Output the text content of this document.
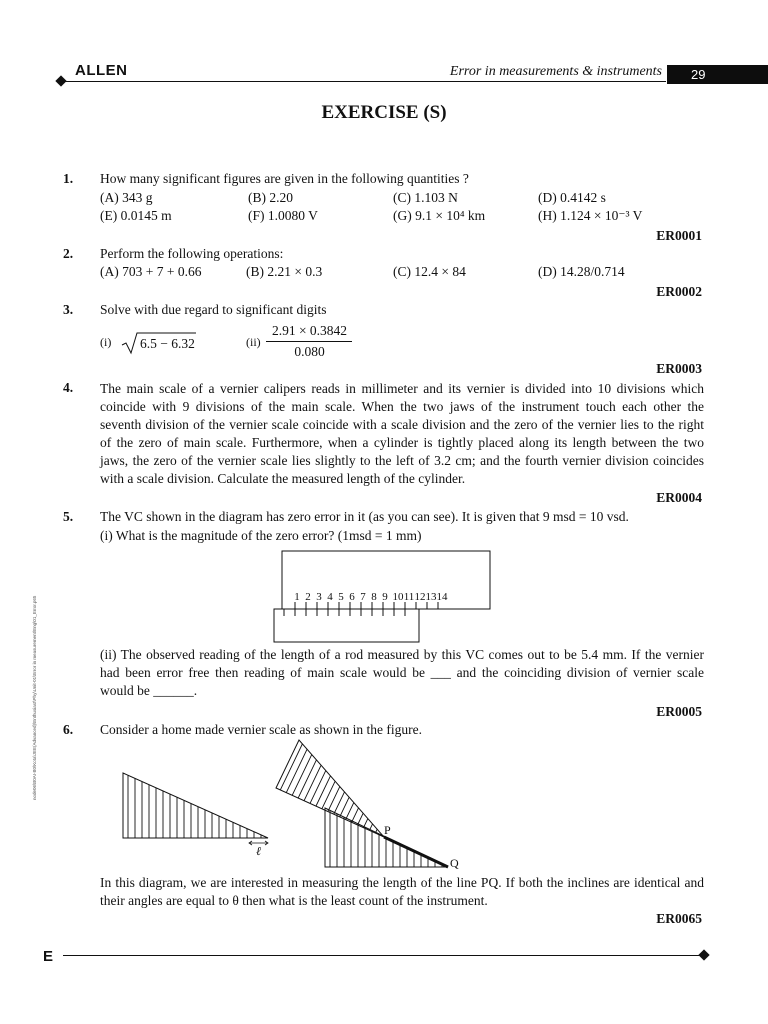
ALLEN	Error in measurements & instruments	29
EXERCISE (S)
1. How many significant figures are given in the following quantities ?
(A) 343 g	(B) 2.20	(C) 1.103 N	(D) 0.4142 s
(E) 0.0145 m	(F) 1.0080 V	(G) 9.1 × 10⁴ km	(H) 1.124 × 10⁻³ V
ER0001
2. Perform the following operations:
(A) 703 + 7 + 0.66	(B) 2.21 × 0.3	(C) 12.4 × 84	(D) 14.28/0.714
ER0002
3. Solve with due regard to significant digits
(i) 6.5 − 6.32	(ii)
2.91 × 0.3842
0.080
ER0003
4. The main scale of a vernier calipers reads in millimeter and its vernier is divided into 10 divisions which
coincide with 9 divisions of the main scale. When the two jaws of the instrument touch each other the
seventh division of the vernier scale coincide with a scale division and the zero of the vernier lies to the right
of the zero of main scale. Furthermore, when a cylinder is tightly placed along its length between the two
jaws, the zero of the vernier scale lies slightly to the left of 3.2 cm; and the fourth vernier division coincides
with a scale division. Calculate the measured length of the cylinder.
ER0004
5. The VC shown in the diagram has zero error in it (as you can see). It is given that 9 msd = 10 vsd.
(i) What is the magnitude of the zero error? (1msd = 1 mm)
1 2 3 4 5 6 7 8 9 10 11 12 13 14
(ii) The observed reading of the length of a rod measured by this VC comes out to be 5.4 mm. If the vernier
had been error free then reading of main scale would be ___ and the coinciding division of vernier scale
would be ______.
ER0005
6. Consider a home made vernier scale as shown in the figure.
ℓ
P
Q
In this diagram, we are interested in measuring the length of the line PQ. If both the inclines are identical and
their angles are equal to θ then what is the least count of the instrument.
ER0065
E
node06\B0AI-B0\Kota\JEE(Advanced)\Enthusiast\Phy\Unit-01\Error in measurement\Eng\01_Error.p65
